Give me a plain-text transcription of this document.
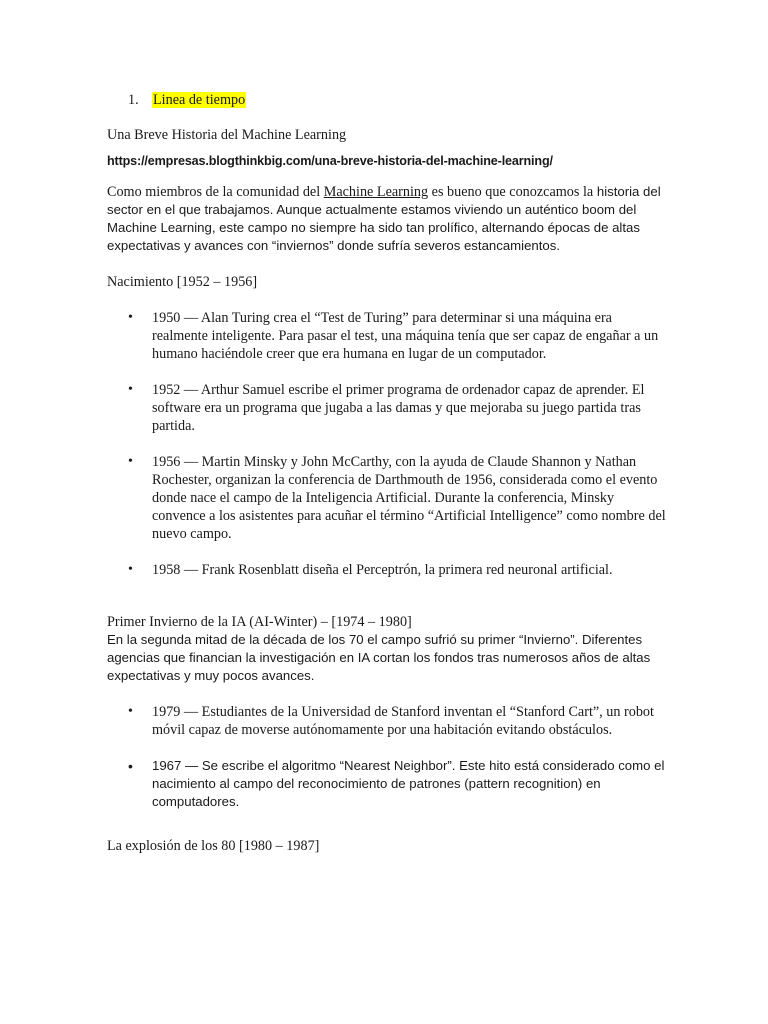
1. Linea de tiempo

Una Breve Historia del Machine Learning

https://empresas.blogthinkbig.com/una-breve-historia-del-machine-learning/

Como miembros de la comunidad del Machine Learning es bueno que conozcamos la historia del sector en el que trabajamos. Aunque actualmente estamos viviendo un auténtico boom del Machine Learning, este campo no siempre ha sido tan prolífico, alternando épocas de altas expectativas y avances con “inviernos” donde sufría severos estancamientos.

Nacimiento [1952 – 1956]

• 1950 — Alan Turing crea el “Test de Turing” para determinar si una máquina era realmente inteligente. Para pasar el test, una máquina tenía que ser capaz de engañar a un humano haciéndole creer que era humana en lugar de un computador.
• 1952 — Arthur Samuel escribe el primer programa de ordenador capaz de aprender. El software era un programa que jugaba a las damas y que mejoraba su juego partida tras partida.
• 1956 — Martin Minsky y John McCarthy, con la ayuda de Claude Shannon y Nathan Rochester, organizan la conferencia de Darthmouth de 1956, considerada como el evento donde nace el campo de la Inteligencia Artificial. Durante la conferencia, Minsky convence a los asistentes para acuñar el término “Artificial Intelligence” como nombre del nuevo campo.
• 1958 — Frank Rosenblatt diseña el Perceptrón, la primera red neuronal artificial.

Primer Invierno de la IA (AI-Winter) – [1974 – 1980]

En la segunda mitad de la década de los 70 el campo sufrió su primer “Invierno”. Diferentes agencias que financian la investigación en IA cortan los fondos tras numerosos años de altas expectativas y muy pocos avances.

• 1979 — Estudiantes de la Universidad de Stanford inventan el “Stanford Cart”, un robot móvil capaz de moverse autónomamente por una habitación evitando obstáculos.
• 1967 — Se escribe el algoritmo “Nearest Neighbor”. Este hito está considerado como el nacimiento al campo del reconocimiento de patrones (pattern recognition) en computadores.

La explosión de los 80 [1980 – 1987]
